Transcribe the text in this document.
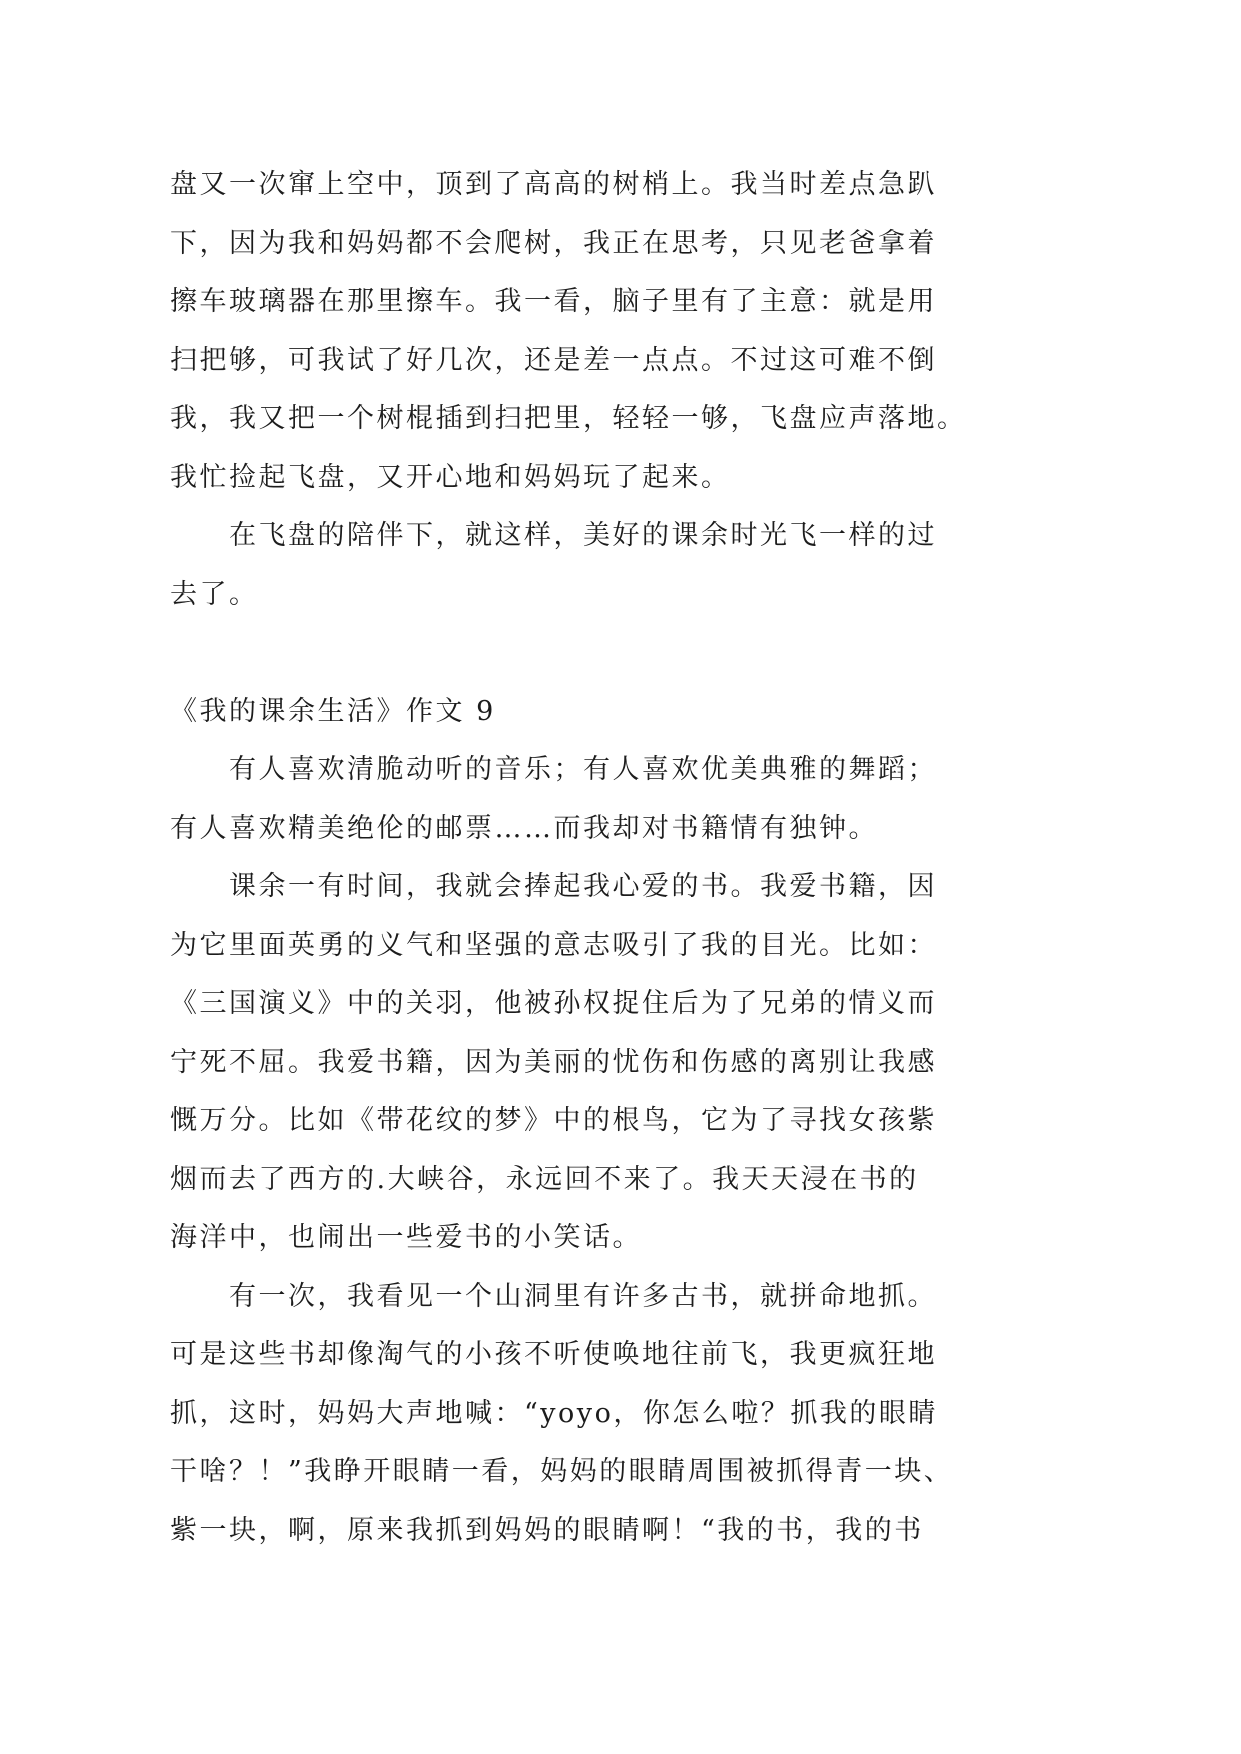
盘又一次窜上空中，顶到了高高的树梢上。我当时差点急趴
下，因为我和妈妈都不会爬树，我正在思考，只见老爸拿着
擦车玻璃器在那里擦车。我一看，脑子里有了主意：就是用
扫把够，可我试了好几次，还是差一点点。不过这可难不倒
我，我又把一个树棍插到扫把里，轻轻一够，飞盘应声落地。
我忙捡起飞盘，又开心地和妈妈玩了起来。
　　在飞盘的陪伴下，就这样，美好的课余时光飞一样的过
去了。
《我的课余生活》作文 9
　　有人喜欢清脆动听的音乐；有人喜欢优美典雅的舞蹈；
有人喜欢精美绝伦的邮票……而我却对书籍情有独钟。
　　课余一有时间，我就会捧起我心爱的书。我爱书籍，因
为它里面英勇的义气和坚强的意志吸引了我的目光。比如：
《三国演义》中的关羽，他被孙权捉住后为了兄弟的情义而
宁死不屈。我爱书籍，因为美丽的忧伤和伤感的离别让我感
慨万分。比如《带花纹的梦》中的根鸟，它为了寻找女孩紫
烟而去了西方的.大峡谷，永远回不来了。我天天浸在书的
海洋中，也闹出一些爱书的小笑话。
　　有一次，我看见一个山洞里有许多古书，就拼命地抓。
可是这些书却像淘气的小孩不听使唤地往前飞，我更疯狂地
抓，这时，妈妈大声地喊：“yoyo，你怎么啦？抓我的眼睛
干啥？！”我睁开眼睛一看，妈妈的眼睛周围被抓得青一块、
紫一块，啊，原来我抓到妈妈的眼睛啊！“我的书，我的书
